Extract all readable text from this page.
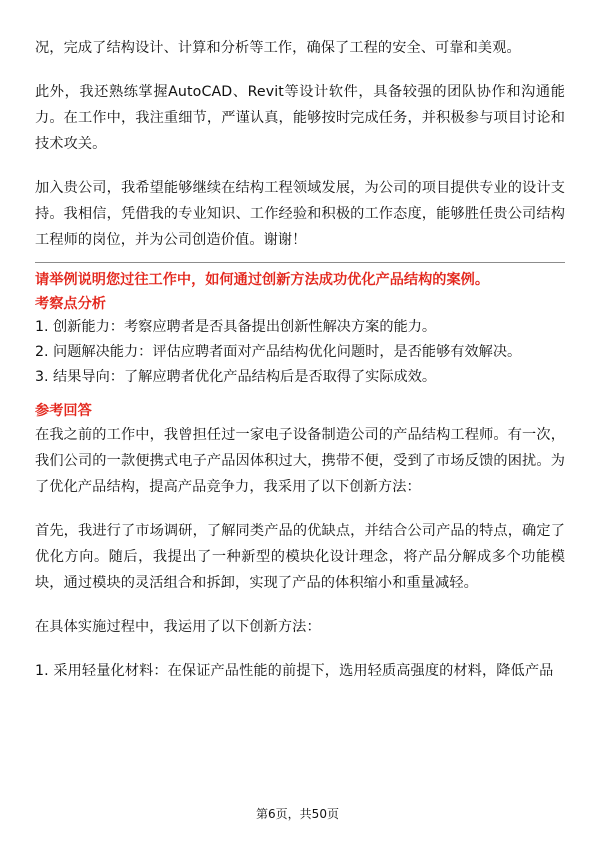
况，完成了结构设计、计算和分析等工作，确保了工程的安全、可靠和美观。

此外，我还熟练掌握AutoCAD、Revit等设计软件，具备较强的团队协作和沟通能力。在工作中，我注重细节，严谨认真，能够按时完成任务，并积极参与项目讨论和技术攻关。

加入贵公司，我希望能够继续在结构工程领域发展，为公司的项目提供专业的设计支持。我相信，凭借我的专业知识、工作经验和积极的工作态度，能够胜任贵公司结构工程师的岗位，并为公司创造价值。谢谢！

请举例说明您过往工作中，如何通过创新方法成功优化产品结构的案例。

考察点分析

1. 创新能力：考察应聘者是否具备提出创新性解决方案的能力。

2. 问题解决能力：评估应聘者面对产品结构优化问题时，是否能够有效解决。

3. 结果导向：了解应聘者优化产品结构后是否取得了实际成效。

参考回答

在我之前的工作中，我曾担任过一家电子设备制造公司的产品结构工程师。有一次，我们公司的一款便携式电子产品因体积过大，携带不便，受到了市场反馈的困扰。为了优化产品结构，提高产品竞争力，我采用了以下创新方法：

首先，我进行了市场调研，了解同类产品的优缺点，并结合公司产品的特点，确定了优化方向。随后，我提出了一种新型的模块化设计理念，将产品分解成多个功能模块，通过模块的灵活组合和拆卸，实现了产品的体积缩小和重量减轻。

在具体实施过程中，我运用了以下创新方法：

1. 采用轻量化材料：在保证产品性能的前提下，选用轻质高强度的材料，降低产品

第6页，共50页
